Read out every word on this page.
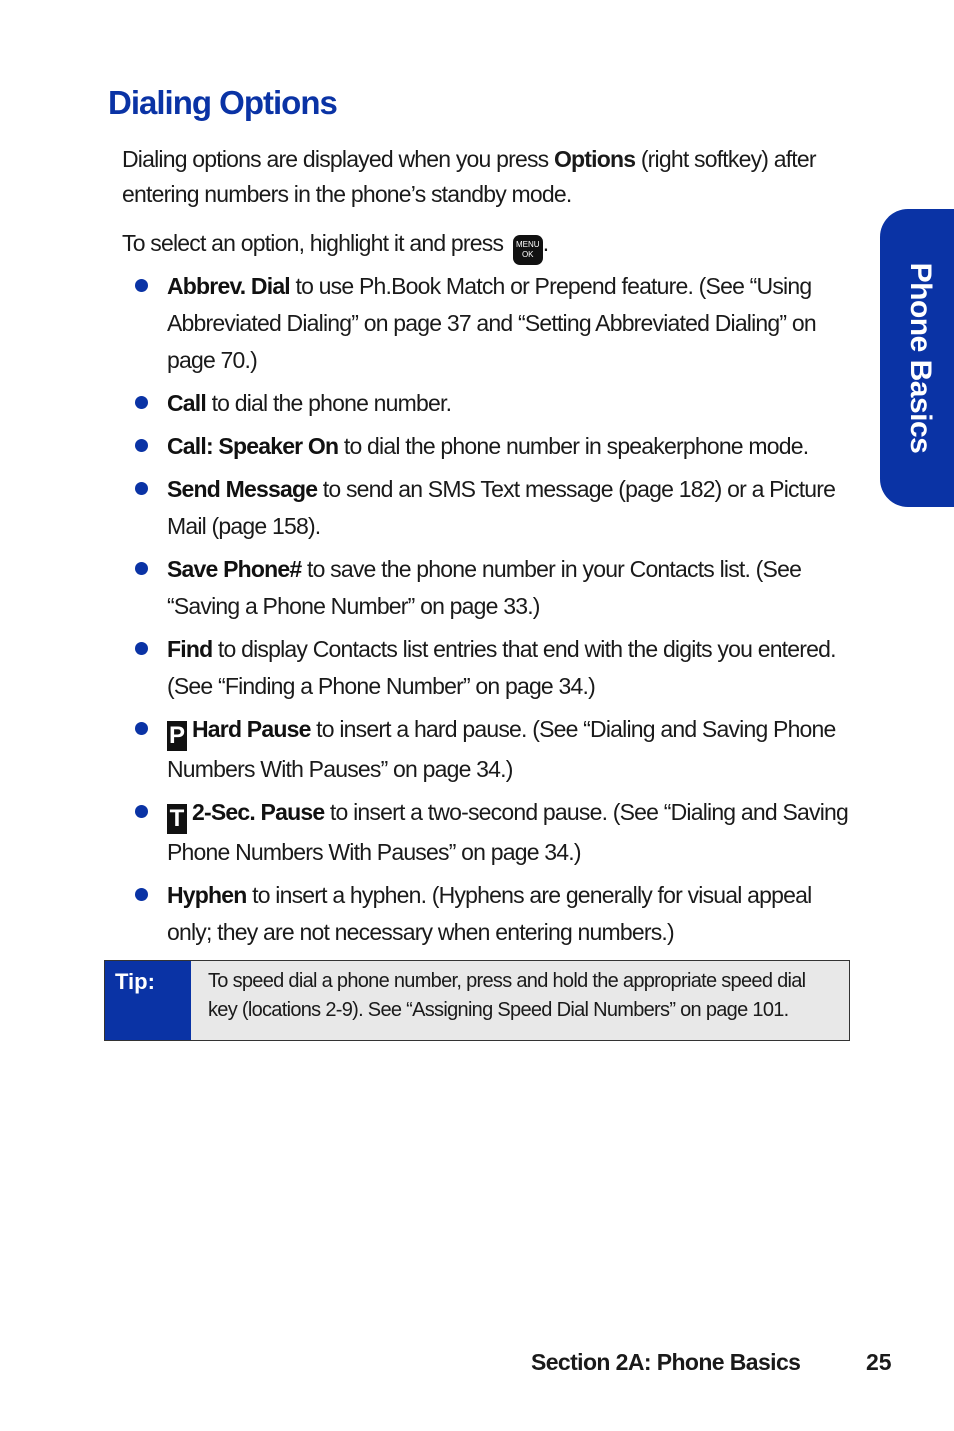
Dialing Options

Dialing options are displayed when you press Options (right softkey) after entering numbers in the phone’s standby mode.

To select an option, highlight it and press MENU
OK .

Abbrev. Dial to use Ph.Book Match or Prepend feature. (See “Using Abbreviated Dialing” on page 37 and “Setting Abbreviated Dialing” on page 70.)
Call to dial the phone number.
Call: Speaker On to dial the phone number in speakerphone mode.
Send Message to send an SMS Text message (page 182) or a Picture Mail (page 158).
Save Phone# to save the phone number in your Contacts list. (See “Saving a Phone Number” on page 33.)
Find to display Contacts list entries that end with the digits you entered. (See “Finding a Phone Number” on page 34.)
P Hard Pause to insert a hard pause. (See “Dialing and Saving Phone Numbers With Pauses” on page 34.)
T 2-Sec. Pause to insert a two-second pause. (See “Dialing and Saving Phone Numbers With Pauses” on page 34.)
Hyphen to insert a hyphen. (Hyphens are generally for visual appeal only; they are not necessary when entering numbers.)
Tip:	To speed dial a phone number, press and hold the appropriate speed dial key (locations 2-9). See “Assigning Speed Dial Numbers” on page 101.
Phone Basics

Section 2A: Phone Basics	25
